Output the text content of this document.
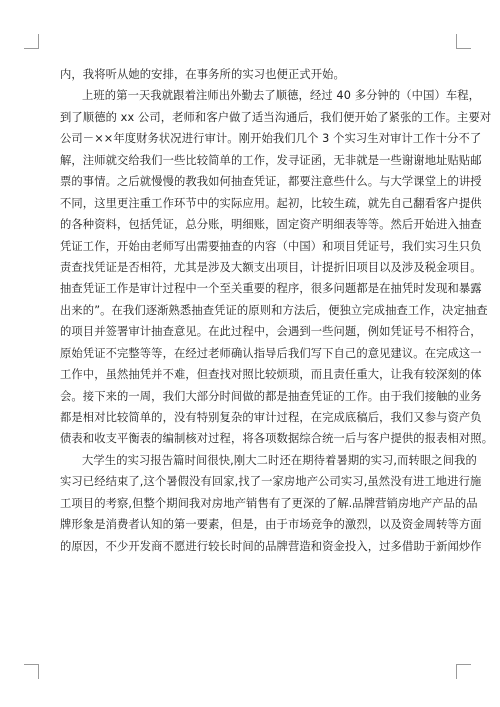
内，我将听从她的安排，在事务所的实习也便正式开始。
上班的第一天我就跟着注师出外勤去了顺德，经过 40 多分钟的（中国）车程，
到了顺德的 xx 公司，老师和客户做了适当沟通后，我们便开始了紧张的工作。主要对
公司－××年度财务状况进行审计。刚开始我们几个 3 个实习生对审计工作十分不了
解，注师就交给我们一些比较简单的工作，发寻证函，无非就是一些谢谢地址贴贴邮
票的事情。之后就慢慢的教我如何抽查凭证，都要注意些什么。与大学课堂上的讲授
不同，这里更注重工作环节中的实际应用。起初，比较生疏，就先自己翻看客户提供
的各种资料，包括凭证，总分账，明细账，固定资产明细表等等。然后开始进入抽查
凭证工作，开始由老师写出需要抽查的内容（中国）和项目凭证号，我们实习生只负
责查找凭证是否相符，尤其是涉及大额支出项目，计提折旧项目以及涉及税金项目。
抽查凭证工作是审计过程中一个至关重要的程序，很多问题都是在抽凭时发现和暴露
出来的”。在我们逐渐熟悉抽查凭证的原则和方法后，便独立完成抽查工作，决定抽查
的项目并签署审计抽查意见。在此过程中，会遇到一些问题，例如凭证号不相符合，
原始凭证不完整等等，在经过老师确认指导后我们写下自己的意见建议。在完成这一
工作中，虽然抽凭并不难，但查找对照比较烦琐，而且责任重大，让我有较深刻的体
会。接下来的一周，我们大部分时间做的都是抽查凭证的工作。由于我们接触的业务
都是相对比较简单的，没有特别复杂的审计过程，在完成底稿后，我们又参与资产负
债表和收支平衡表的编制核对过程，将各项数据综合统一后与客户提供的报表相对照。
大学生的实习报告篇时间很快,刚大二时还在期待着暑期的实习,而转眼之间我的
实习已经结束了,这个暑假没有回家,找了一家房地产公司实习,虽然没有进工地进行施
工项目的考察,但整个期间我对房地产销售有了更深的了解.品牌营销房地产产品的品
牌形象是消费者认知的第一要素，但是，由于市场竞争的激烈，以及资金周转等方面
的原因，不少开发商不愿进行较长时间的品牌营造和资金投入，过多借助于新闻炒作
